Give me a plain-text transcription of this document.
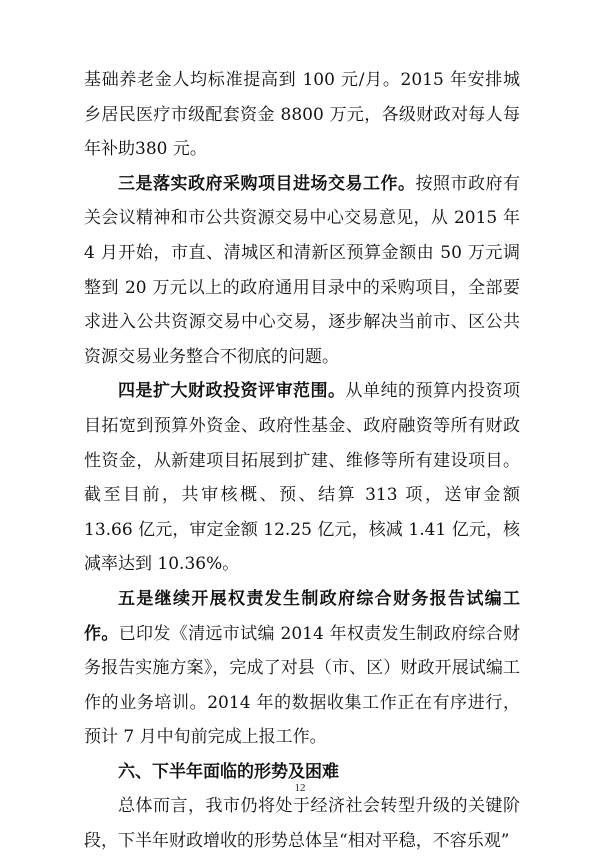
基础养老金人均标准提高到 100 元/月。2015 年安排城乡居民医疗市级配套资金 8800 万元，各级财政对每人每年补助380 元。

三是落实政府采购项目进场交易工作。按照市政府有关会议精神和市公共资源交易中心交易意见，从 2015 年 4 月开始，市直、清城区和清新区预算金额由 50 万元调整到 20 万元以上的政府通用目录中的采购项目，全部要求进入公共资源交易中心交易，逐步解决当前市、区公共资源交易业务整合不彻底的问题。

四是扩大财政投资评审范围。从单纯的预算内投资项目拓宽到预算外资金、政府性基金、政府融资等所有财政性资金，从新建项目拓展到扩建、维修等所有建设项目。截至目前，共审核概、预、结算 313 项，送审金额 13.66 亿元，审定金额 12.25 亿元，核减 1.41 亿元，核减率达到 10.36%。

五是继续开展权责发生制政府综合财务报告试编工作。已印发《清远市试编 2014 年权责发生制政府综合财务报告实施方案》，完成了对县（市、区）财政开展试编工作的业务培训。2014 年的数据收集工作正在有序进行，预计 7 月中旬前完成上报工作。

六、下半年面临的形势及困难

总体而言，我市仍将处于经济社会转型升级的关键阶段，下半年财政增收的形势总体呈“相对平稳，不容乐观”

12
